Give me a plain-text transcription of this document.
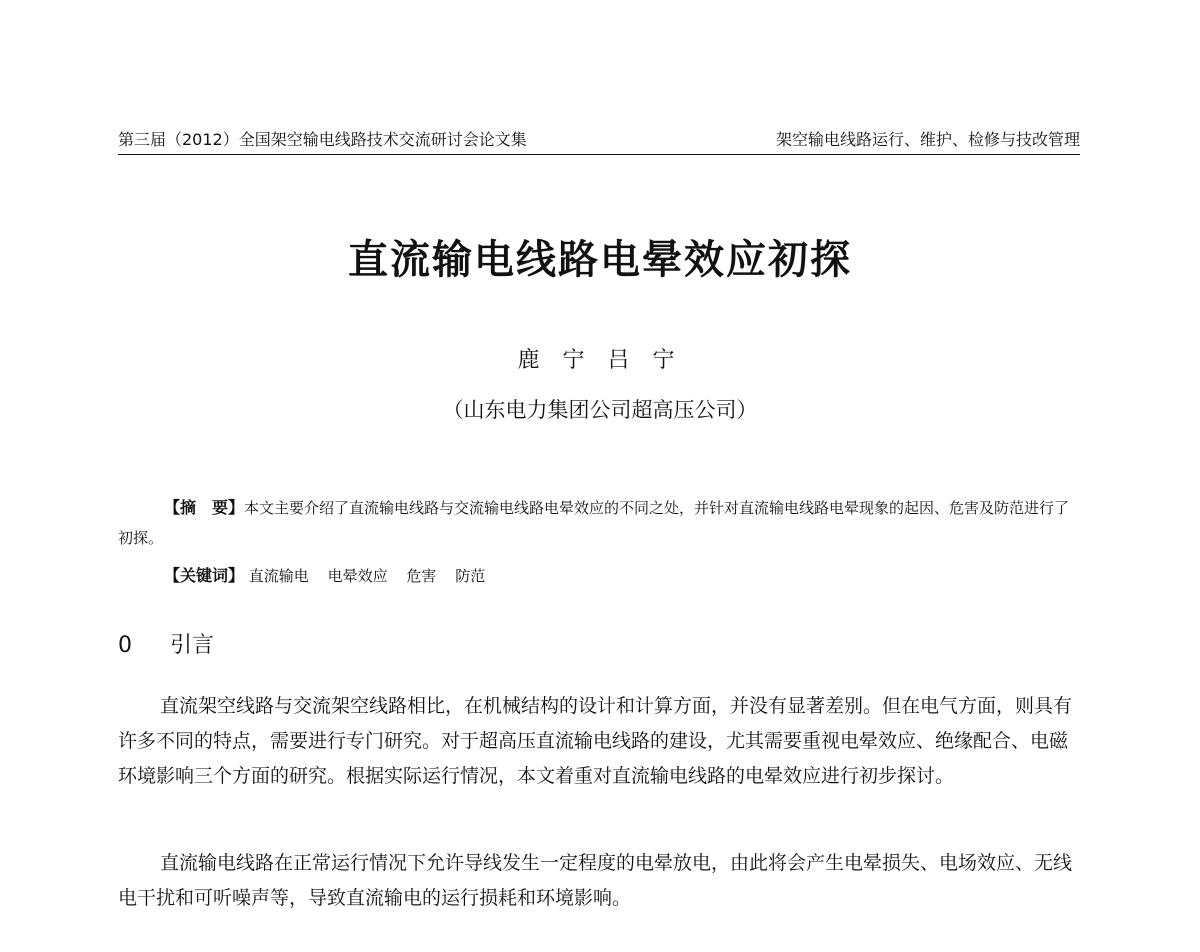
第三届（2012）全国架空输电线路技术交流研讨会论文集	架空输电线路运行、维护、检修与技改管理
直流输电线路电晕效应初探
鹿 宁 吕 宁
（山东电力集团公司超高压公司）

【摘　要】本文主要介绍了直流输电线路与交流输电线路电晕效应的不同之处，并针对直流输电线路电晕现象的起因、危害及防范进行了初探。

【关键词】 直流输电 电晕效应 危害 防范
0 引言

直流架空线路与交流架空线路相比，在机械结构的设计和计算方面，并没有显著差别。但在电气方面，则具有许多不同的特点，需要进行专门研究。对于超高压直流输电线路的建设，尤其需要重视电晕效应、绝缘配合、电磁环境影响三个方面的研究。根据实际运行情况，本文着重对直流输电线路的电晕效应进行初步探讨。

直流输电线路在正常运行情况下允许导线发生一定程度的电晕放电，由此将会产生电晕损失、电场效应、无线电干扰和可听噪声等，导致直流输电的运行损耗和环境影响。
